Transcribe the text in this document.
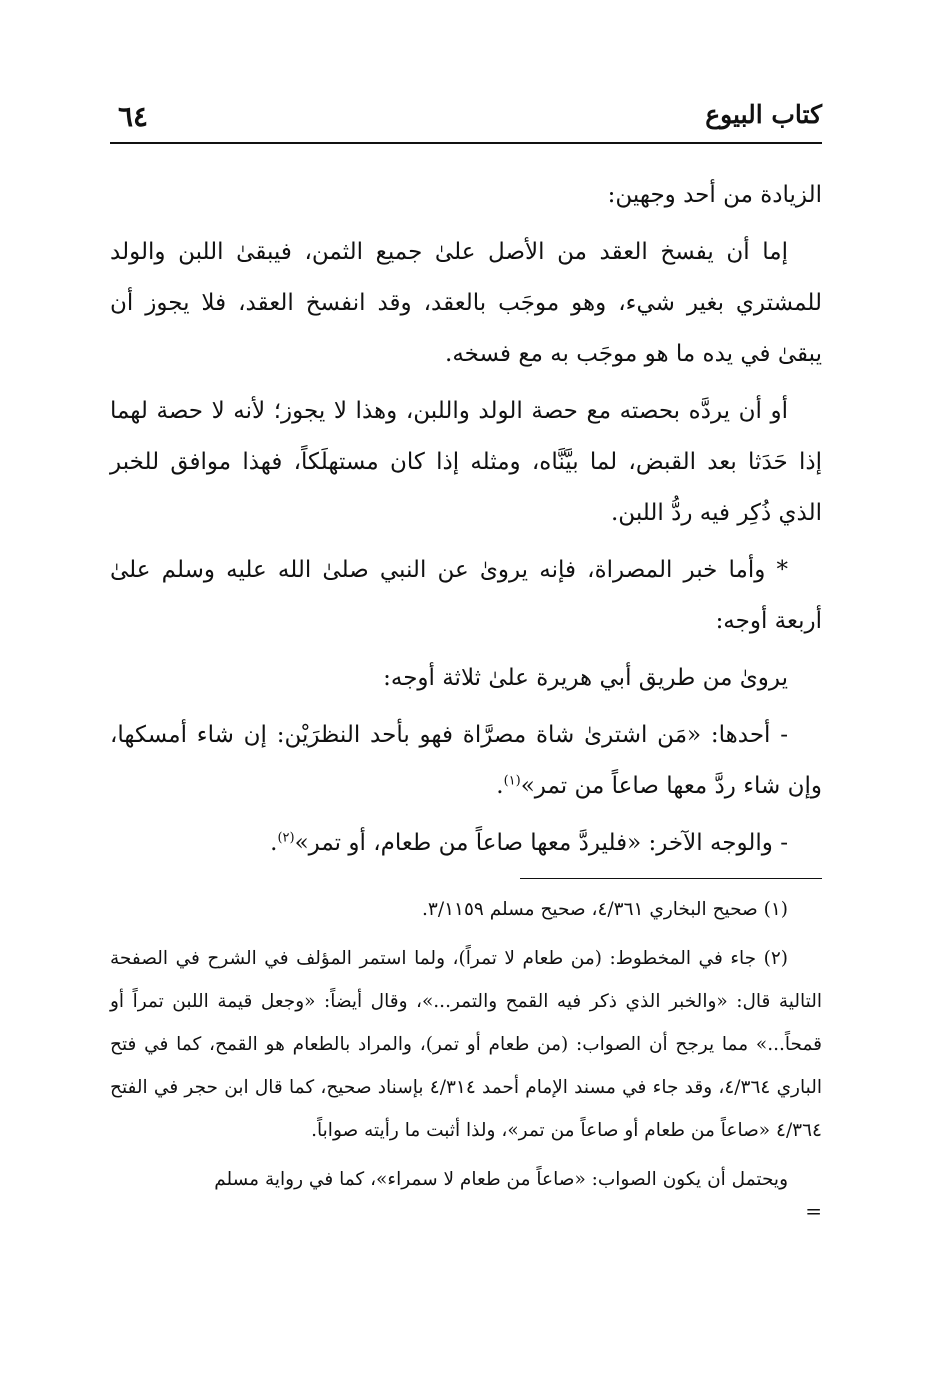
٦٤	كتاب البيوع

الزيادة من أحد وجهين:

إما أن يفسخ العقد من الأصل علىٰ جميع الثمن، فيبقىٰ اللبن والولد للمشتري بغير شيء، وهو موجَب بالعقد، وقد انفسخ العقد، فلا يجوز أن يبقىٰ في يده ما هو موجَب به مع فسخه.

أو أن يردَّه بحصته مع حصة الولد واللبن، وهذا لا يجوز؛ لأنه لا حصة لهما إذا حَدَثا بعد القبض، لما بيَّنَّاه، ومثله إذا كان مستهلَكاً، فهذا موافق للخبر الذي ذُكِر فيه ردُّ اللبن.

* وأما خبر المصراة، فإنه يروىٰ عن النبي صلىٰ الله عليه وسلم علىٰ أربعة أوجه:

يروىٰ من طريق أبي هريرة علىٰ ثلاثة أوجه:

- أحدها: «مَن اشترىٰ شاة مصرَّاة فهو بأحد النظرَيْن: إن شاء أمسكها، وإن شاء ردَّ معها صاعاً من تمر»$^{(١)}$.

- والوجه الآخر: «فليردَّ معها صاعاً من طعام، أو تمر»$^{(٢)}$.

(١) صحيح البخاري ٤/٣٦١، صحيح مسلم ٣/١١٥٩.

(٢) جاء في المخطوط: (من طعام لا تمراً)، ولما استمر المؤلف في الشرح في الصفحة التالية قال: «والخبر الذي ذكر فيه القمح والتمر...»، وقال أيضاً: «وجعل قيمة اللبن تمراً أو قمحاً...» مما يرجح أن الصواب: (من طعام أو تمر)، والمراد بالطعام هو القمح، كما في فتح الباري ٤/٣٦٤، وقد جاء في مسند الإمام أحمد ٤/٣١٤ بإسناد صحيح، كما قال ابن حجر في الفتح ٤/٣٦٤ «صاعاً من طعام أو صاعاً من تمر»، ولذا أثبت ما رأيته صواباً.

ويحتمل أن يكون الصواب: «صاعاً من طعام لا سمراء»، كما في رواية مسلم

=
